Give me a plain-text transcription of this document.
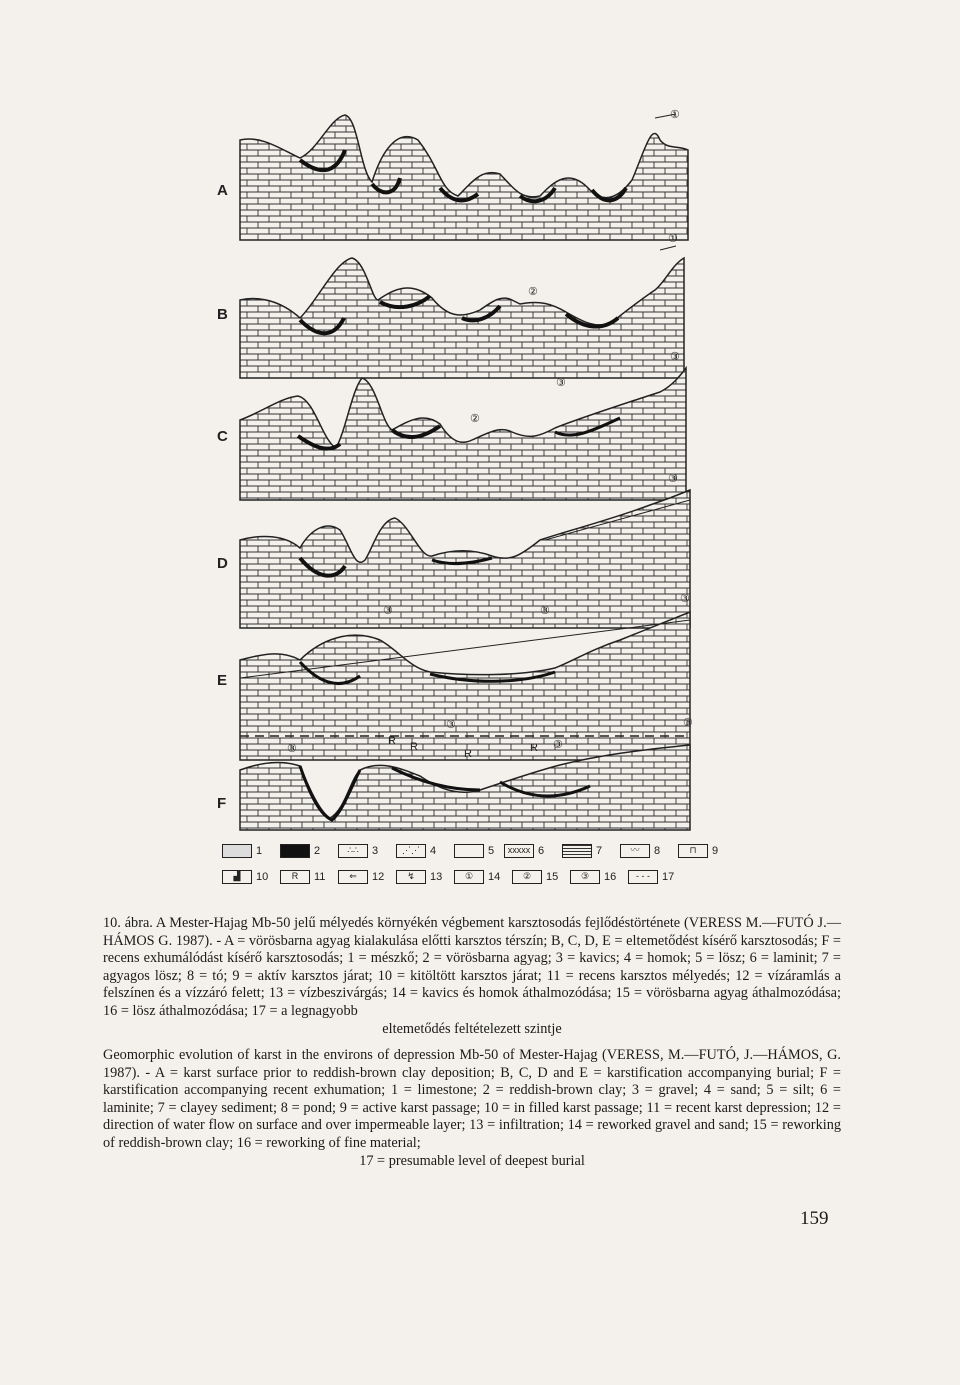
A
B
C
D
E
F
①
①
②
③
③
②
③
③	③
③
③	③
③	③
R R
R	R
1	2	∴∴	3	⋰⋰ 4	5	xxxxx 6	7	〰	8	⊓	9
▟	10	R	11	⇐	12	↯	13	①	14	②	15	③	16	- - -	17
10. ábra. A Mester-Hajag Mb-50 jelű mélyedés környékén végbement karsztosodás fejlődéstörténete (VERESS M.—FUTÓ J.—HÁMOS G. 1987). - A = vörösbarna agyag kialakulása előtti karsztos térszín; B, C, D, E = eltemetődést kísérő karsztosodás; F = recens exhumálódást kísérő karsztosodás; 1 = mészkő; 2 = vörösbarna agyag; 3 = kavics; 4 = homok; 5 = lösz; 6 = laminit; 7 = agyagos lösz; 8 = tó; 9 = aktív karsztos járat; 10 = kitöltött karsztos járat; 11 = recens karsztos mélyedés; 12 = vízáramlás a felszínen és a vízzáró felett; 13 = vízbeszivárgás; 14 = kavics és homok áthalmozódása; 15 = vörösbarna agyag áthalmozódása; 16 = lösz áthalmozódása; 17 = a legnagyobb
eltemetődés feltételezett szintje
Geomorphic evolution of karst in the environs of depression Mb-50 of Mester-Hajag (VERESS, M.—FUTÓ, J.—HÁMOS, G. 1987). - A = karst surface prior to reddish-brown clay deposition; B, C, D and E = karstification accompanying burial; F = karstification accompanying recent exhumation; 1 = limestone; 2 = reddish-brown clay; 3 = gravel; 4 = sand; 5 = silt; 6 = laminite; 7 = clayey sediment; 8 = pond; 9 = active karst passage; 10 = in filled karst passage; 11 = recent karst depression; 12 = direction of water flow on surface and over impermeable layer; 13 = infiltration; 14 = reworked gravel and sand; 15 = reworking of reddish-brown clay; 16 = reworking of fine material;
17 = presumable level of deepest burial
159
